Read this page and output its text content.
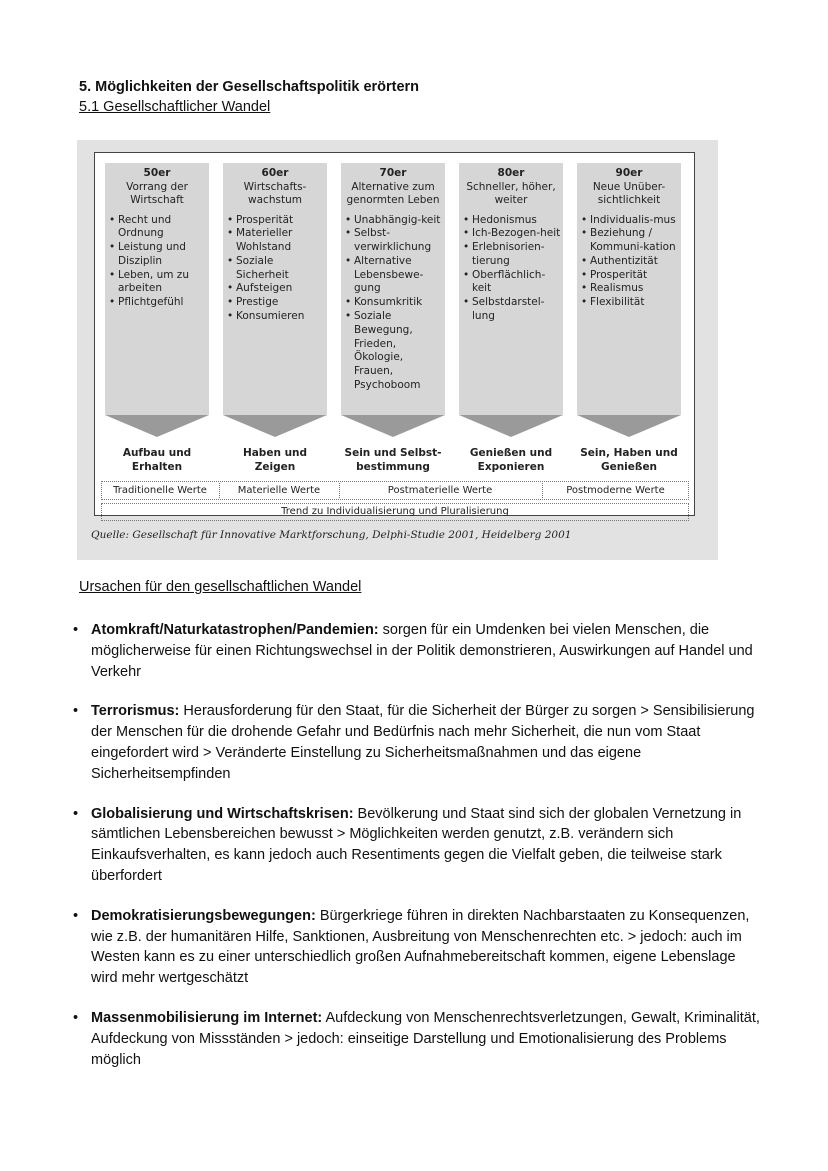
5. Möglichkeiten der Gesellschaftspolitik erörtern
5.1 Gesellschaftlicher Wandel
50er
Vorrang der
Wirtschaft
• Recht und Ordnung
• Leistung und Disziplin
• Leben, um zu arbeiten
• Pflichtgefühl
Aufbau und
Erhalten
60er
Wirtschafts-
wachstum
• Prosperität
• Materieller Wohlstand
• Soziale Sicherheit
• Aufsteigen
• Prestige
• Konsumieren
Haben und Zeigen
70er
Alternative zum
genormten Leben
• Unabhängig-keit
• Selbst-verwirklichung
• Alternative Lebensbewe-gung
• Konsumkritik
• Soziale Bewegung, Frieden, Ökologie, Frauen, Psychoboom
Sein und Selbst-
bestimmung
80er
Schneller, höher,
weiter
• Hedonismus
• Ich-Bezogen-heit
• Erlebnisorien-tierung
• Oberflächlich-keit
• Selbstdarstel-lung
Genießen und
Exponieren
90er
Neue Unüber-
sichtlichkeit
• Individualis-mus
• Beziehung / Kommuni-kation
• Authentizität
• Prosperität
• Realismus
• Flexibilität
Sein, Haben und
Genießen
Traditionelle Werte	Materielle Werte	Postmaterielle Werte	Postmoderne Werte
Trend zu Individualisierung und Pluralisierung
Quelle: Gesellschaft für Innovative Marktforschung, Delphi-Studie 2001, Heidelberg 2001
Ursachen für den gesellschaftlichen Wandel
• Atomkraft/Naturkatastrophen/Pandemien: sorgen für ein Umdenken bei vielen Menschen, die möglicherweise für einen Richtungswechsel in der Politik demonstrieren, Auswirkungen auf Handel und Verkehr
• Terrorismus: Herausforderung für den Staat, für die Sicherheit der Bürger zu sorgen > Sensibilisierung der Menschen für die drohende Gefahr und Bedürfnis nach mehr Sicherheit, die nun vom Staat eingefordert wird > Veränderte Einstellung zu Sicherheitsmaßnahmen und das eigene Sicherheitsempfinden
• Globalisierung und Wirtschaftskrisen: Bevölkerung und Staat sind sich der globalen Vernetzung in sämtlichen Lebensbereichen bewusst > Möglichkeiten werden genutzt, z.B. verändern sich Einkaufsverhalten, es kann jedoch auch Resentiments gegen die Vielfalt geben, die teilweise stark überfordert
• Demokratisierungsbewegungen: Bürgerkriege führen in direkten Nachbarstaaten zu Konsequenzen, wie z.B. der humanitären Hilfe, Sanktionen, Ausbreitung von Menschenrechten etc. > jedoch: auch im Westen kann es zu einer unterschiedlich großen Aufnahmebereitschaft kommen, eigene Lebenslage wird mehr wertgeschätzt
• Massenmobilisierung im Internet: Aufdeckung von Menschenrechtsverletzungen, Gewalt, Kriminalität, Aufdeckung von Missständen > jedoch: einseitige Darstellung und Emotionalisierung des Problems möglich
